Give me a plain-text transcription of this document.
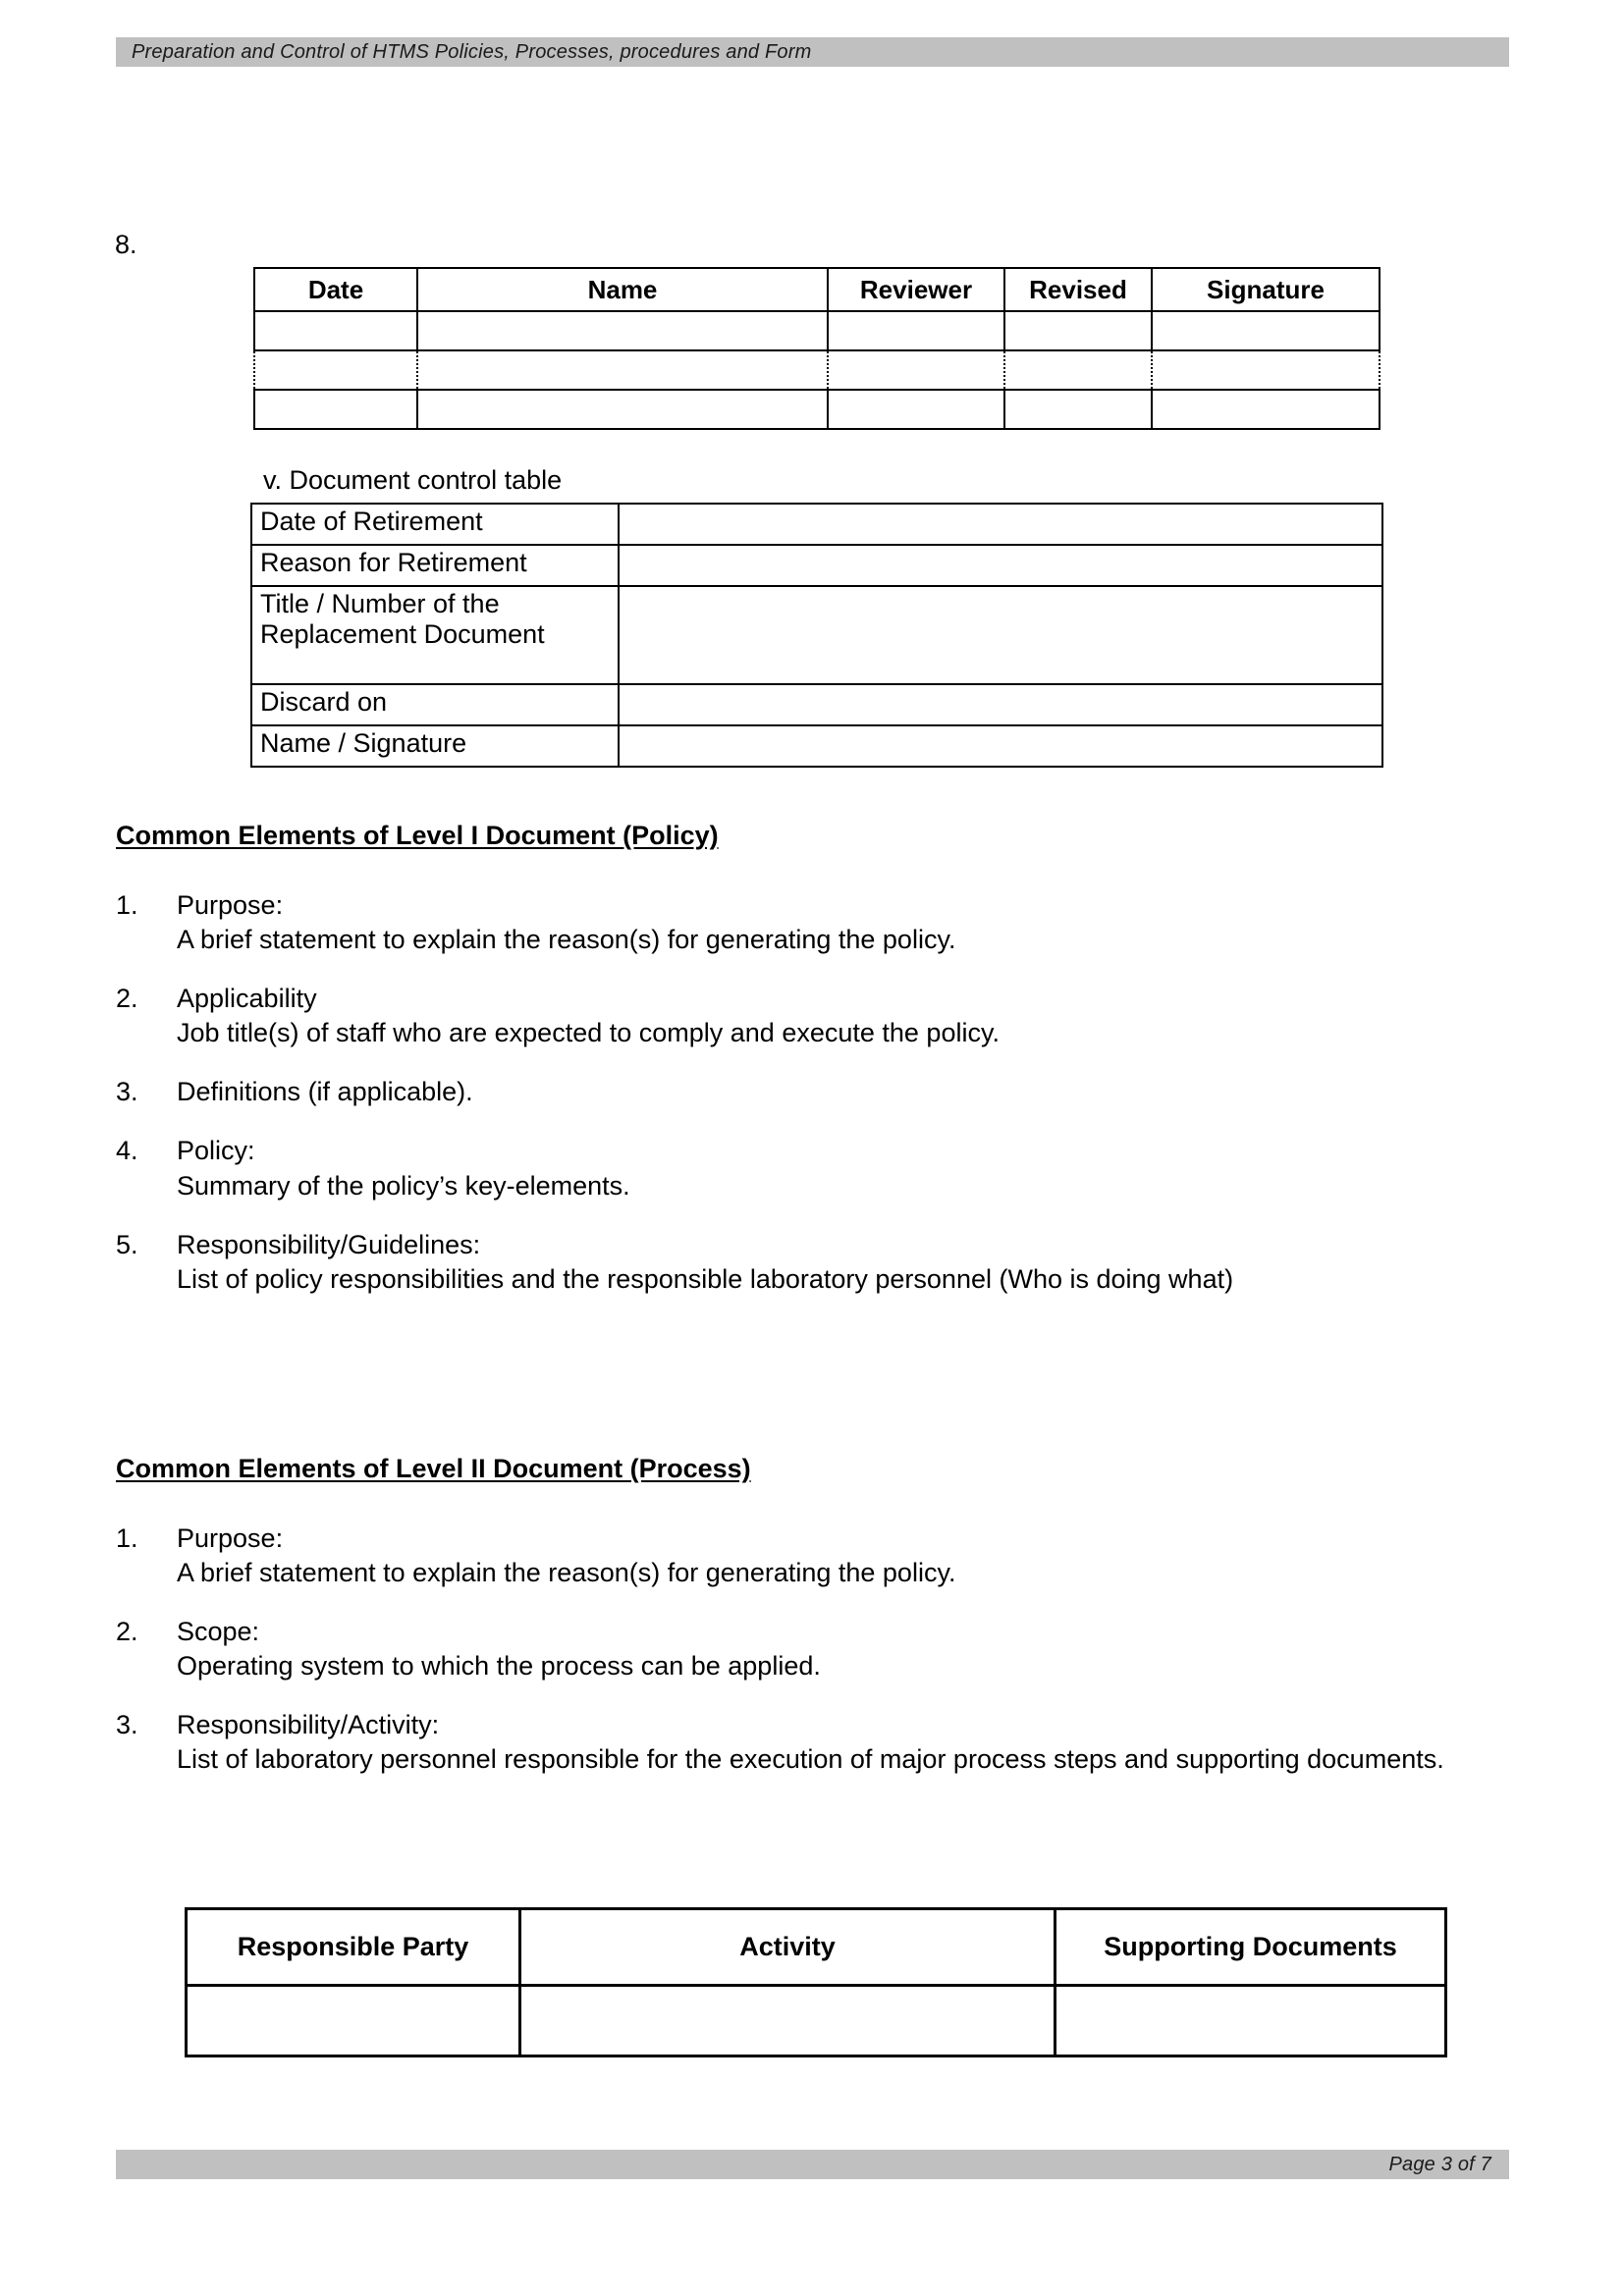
Preparation and Control of HTMS Policies, Processes, procedures and Form
8.
Date	Name	Reviewer	Revised	Signature

v. Document control table
Date of Retirement	
Reason for Retirement	
Title / Number of the Replacement Document	
Discard on	
Name / Signature	
Common Elements of Level I Document (Policy)
1.	Purpose:
A brief statement to explain the reason(s) for generating the policy.
2.	Applicability
Job title(s) of staff who are expected to comply and execute the policy.
3.	Definitions (if applicable).
4.	Policy:
Summary of the policy’s key-elements.
5.	Responsibility/Guidelines:
List of policy responsibilities and the responsible laboratory personnel (Who is doing what)
Common Elements of Level II Document (Process)
1.	Purpose:
A brief statement to explain the reason(s) for generating the policy.
2.	Scope:
Operating system to which the process can be applied.
3.	Responsibility/Activity:
List of laboratory personnel responsible for the execution of major process steps and supporting documents.
Responsible Party	Activity	Supporting Documents

Page 3 of 7
